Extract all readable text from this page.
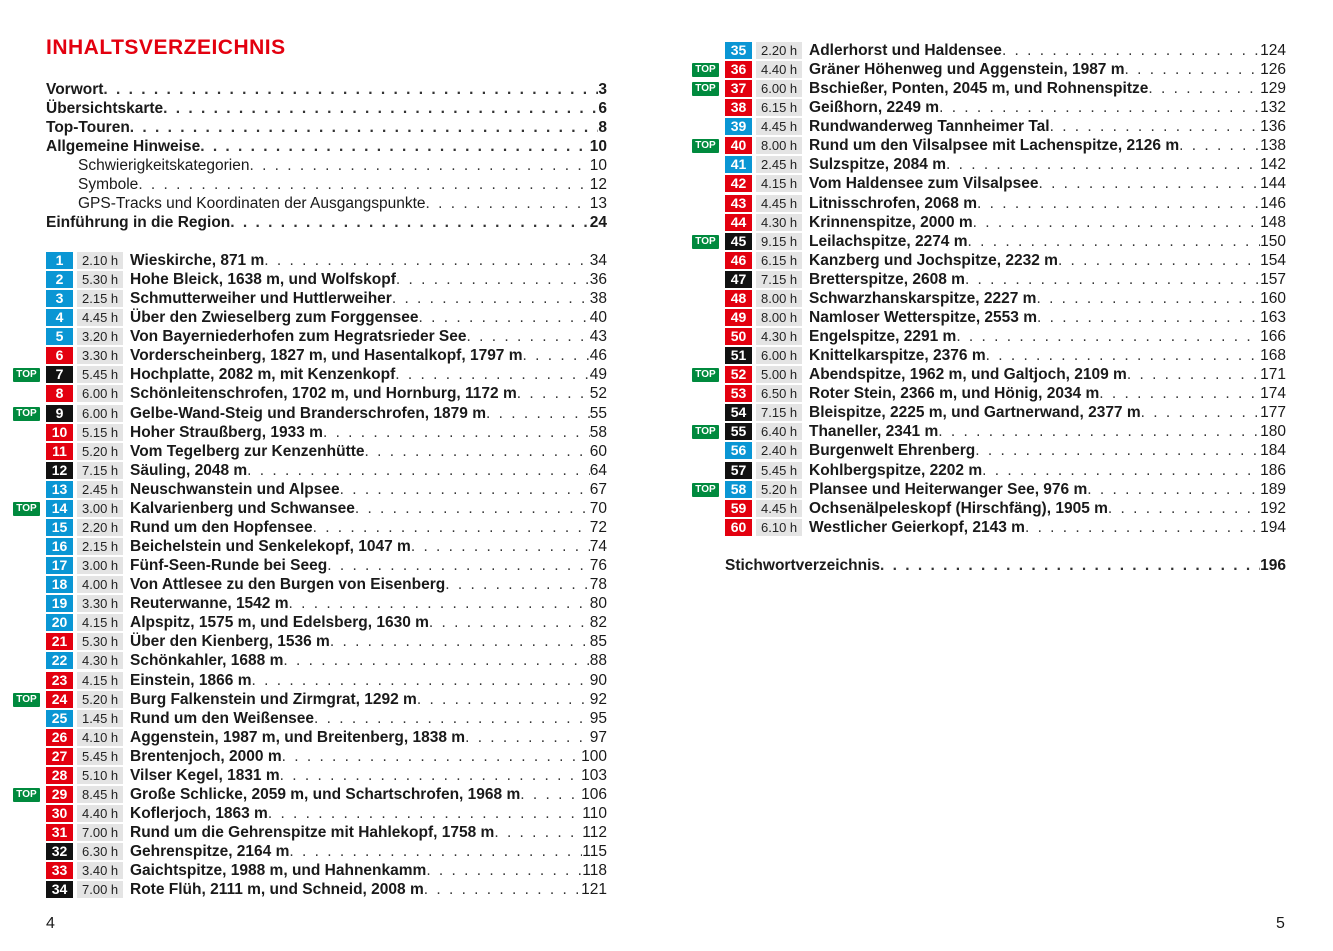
INHALTSVERZEICHNIS
Vorwort . . .	3
Übersichtskarte . . .	6
Top-Touren . . .	8
Allgemeine Hinweise . . .	10
Schwierigkeitskategorien . . .	10
Symbole . . .	12
GPS-Tracks und Koordinaten der Ausgangspunkte . . .	13
Einführung in die Region . . .	24
1	2.10 h Wieskirche, 871 m . . .	34
2	5.30 h Hohe Bleick, 1638 m, und Wolfskopf . . .	36
3	2.15 h Schmutterweiher und Huttlerweiher . . .	38
4	4.45 h Über den Zwieselberg zum Forggensee . . .	40
5	3.20 h Von Bayerniederhofen zum Hegratsrieder See . . .	43
6	3.30 h Vorderscheinberg, 1827 m, und Hasentalkopf, 1797 m . . .	46
TOP	7	5.45 h Hochplatte, 2082 m, mit Kenzenkopf . . .	49
8	6.00 h Schönleitenschrofen, 1702 m, und Hornburg, 1172 m . . .	52
TOP	9	6.00 h Gelbe-Wand-Steig und Branderschrofen, 1879 m . . .	55
10	5.15 h Hoher Straußberg, 1933 m . . .	58
11	5.20 h Vom Tegelberg zur Kenzenhütte . . .	60
12	7.15 h Säuling, 2048 m . . .	64
13	2.45 h Neuschwanstein und Alpsee . . .	67
TOP	14	3.00 h Kalvarienberg und Schwansee . . .	70
15	2.20 h Rund um den Hopfensee . . .	72
16	2.15 h Beichelstein und Senkelekopf, 1047 m . . .	74
17	3.00 h Fünf-Seen-Runde bei Seeg . . .	76
18	4.00 h Von Attlesee zu den Burgen von Eisenberg . . .	78
19	3.30 h Reuterwanne, 1542 m . . .	80
20	4.15 h Alpspitz, 1575 m, und Edelsberg, 1630 m . . .	82
21	5.30 h Über den Kienberg, 1536 m . . .	85
22	4.30 h Schönkahler, 1688 m . . .	88
23	4.15 h Einstein, 1866 m . . .	90
TOP	24	5.20 h Burg Falkenstein und Zirmgrat, 1292 m . . .	92
25	1.45 h Rund um den Weißensee . . .	95
26	4.10 h Aggenstein, 1987 m, und Breitenberg, 1838 m . . .	97
27	5.45 h Brentenjoch, 2000 m . . .	100
28	5.10 h Vilser Kegel, 1831 m . . .	103
TOP	29	8.45 h Große Schlicke, 2059 m, und Schartschrofen, 1968 m . . .	106
30	4.40 h Koflerjoch, 1863 m . . .	110
31	7.00 h Rund um die Gehrenspitze mit Hahlekopf, 1758 m . . .	112
32	6.30 h Gehrenspitze, 2164 m . . .	115
33	3.40 h Gaichtspitze, 1988 m, und Hahnenkamm . . .	118
34	7.00 h Rote Flüh, 2111 m, und Schneid, 2008 m . . .	121
4
35	2.20 h Adlerhorst und Haldensee . . .	124
TOP	36	4.40 h Gräner Höhenweg und Aggenstein, 1987 m . . .	126
TOP	37	6.00 h Bschießer, Ponten, 2045 m, und Rohnenspitze . . .	129
38	6.15 h Geißhorn, 2249 m . . .	132
39	4.45 h Rundwanderweg Tannheimer Tal . . .	136
TOP	40	8.00 h Rund um den Vilsalpsee mit Lachenspitze, 2126 m . . .	138
41	2.45 h Sulzspitze, 2084 m . . .	142
42	4.15 h Vom Haldensee zum Vilsalpsee . . .	144
43	4.45 h Litnisschrofen, 2068 m . . .	146
44	4.30 h Krinnenspitze, 2000 m . . .	148
TOP	45	9.15 h Leilachspitze, 2274 m . . .	150
46	6.15 h Kanzberg und Jochspitze, 2232 m . . .	154
47	7.15 h Bretterspitze, 2608 m . . .	157
48	8.00 h Schwarzhanskarspitze, 2227 m . . .	160
49	8.00 h Namloser Wetterspitze, 2553 m . . .	163
50	4.30 h Engelspitze, 2291 m . . .	166
51	6.00 h Knittelkarspitze, 2376 m . . .	168
TOP	52	5.00 h Abendspitze, 1962 m, und Galtjoch, 2109 m . . .	171
53	6.50 h Roter Stein, 2366 m, und Hönig, 2034 m . . .	174
54	7.15 h Bleispitze, 2225 m, und Gartnerwand, 2377 m . . .	177
TOP	55	6.40 h Thaneller, 2341 m . . .	180
56	2.40 h Burgenwelt Ehrenberg . . .	184
57	5.45 h Kohlbergspitze, 2202 m . . .	186
TOP	58	5.20 h Plansee und Heiterwanger See, 976 m . . .	189
59	4.45 h Ochsenälpeleskopf (Hirschfäng), 1905 m . . .	192
60	6.10 h Westlicher Geierkopf, 2143 m . . .	194
Stichwortverzeichnis . . .	196
5
